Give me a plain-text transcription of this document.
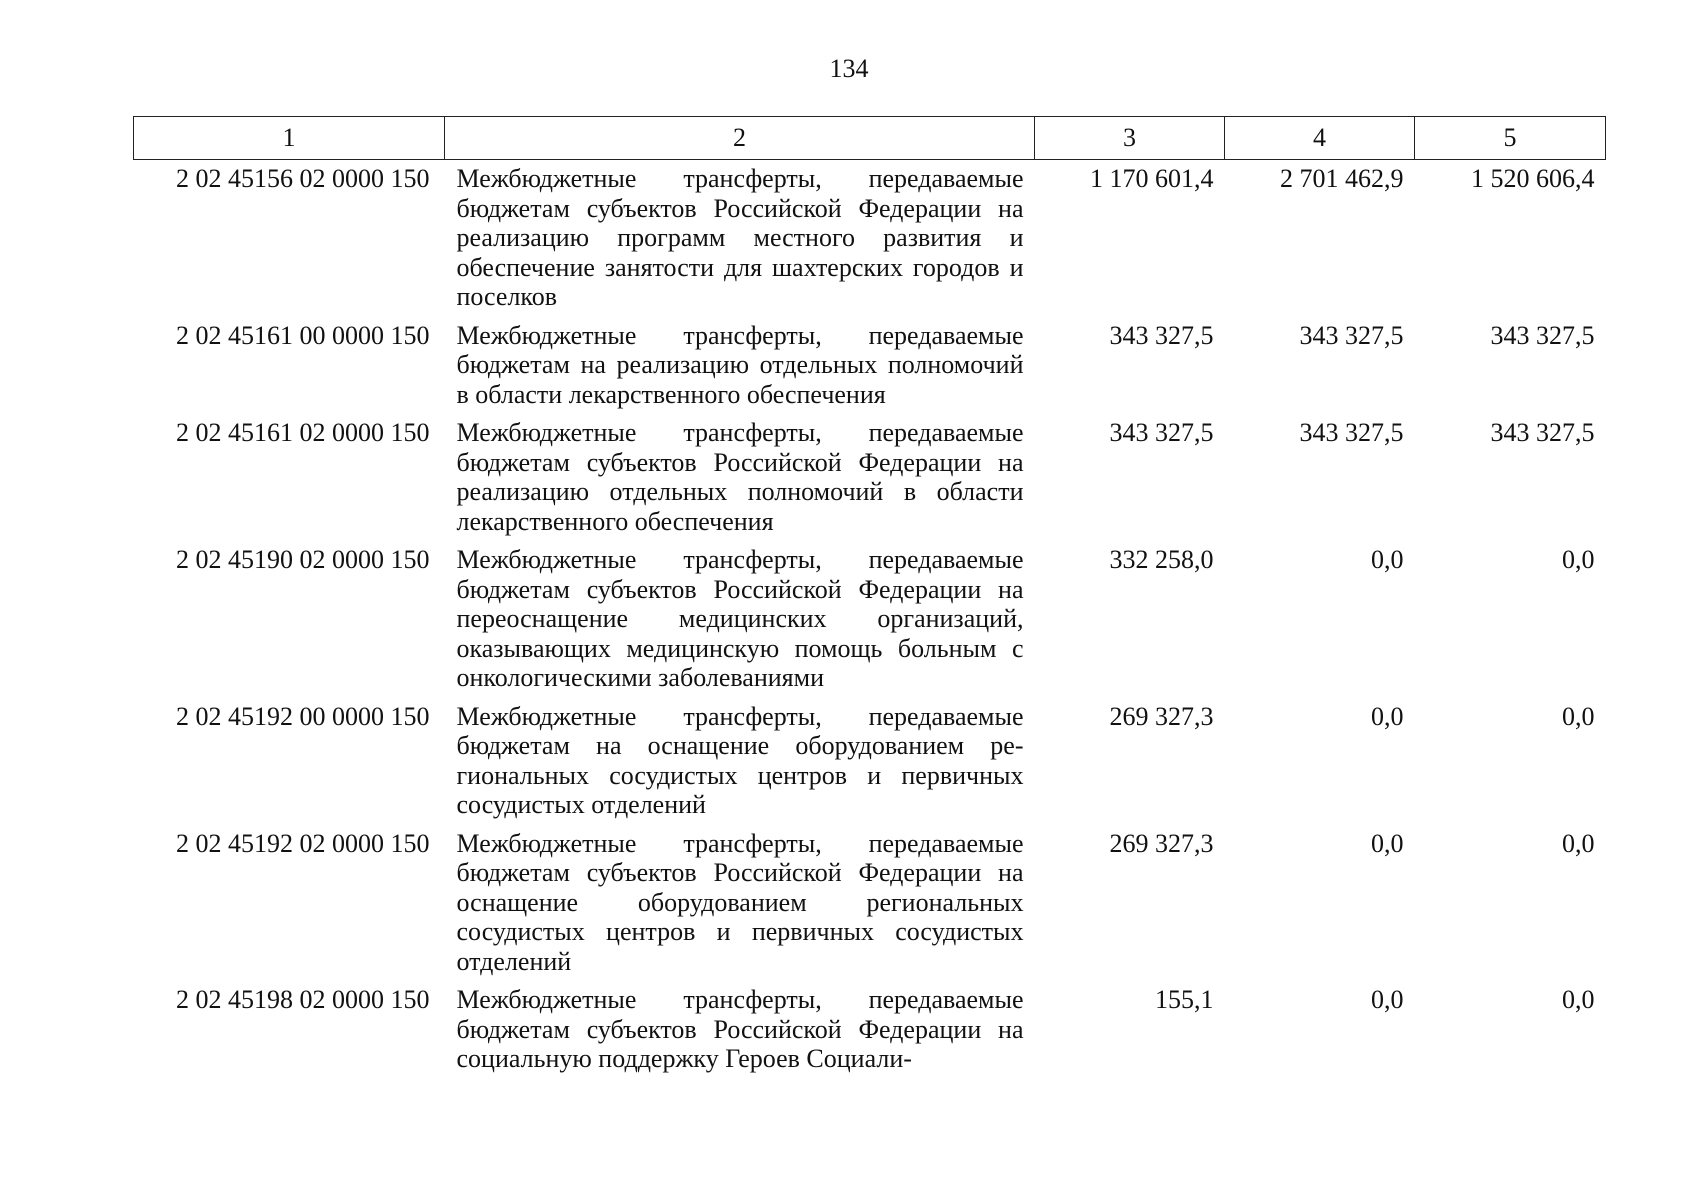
134
1	2	3	4	5
2 02 45156 02 0000 150	Межбюджетные трансферты, передаваемые бюджетам субъектов Российской Федерации на реализацию программ местного развития и обеспечение занятости для шахтерских городов и поселков	1 170 601,4	2 701 462,9	1 520 606,4
2 02 45161 00 0000 150	Межбюджетные трансферты, передаваемые бюджетам на реализацию отдельных полномочий в области лекарственного обеспечения	343 327,5	343 327,5	343 327,5
2 02 45161 02 0000 150	Межбюджетные трансферты, передаваемые бюджетам субъектов Российской Федерации на реализацию отдельных полномочий в области лекарственного обеспечения	343 327,5	343 327,5	343 327,5
2 02 45190 02 0000 150	Межбюджетные трансферты, передаваемые бюджетам субъектов Российской Федерации на переоснащение медицинских организаций, оказывающих медицинскую помощь больным с онкологическими заболеваниями	332 258,0	0,0	0,0
2 02 45192 00 0000 150	Межбюджетные трансферты, передаваемые бюджетам на оснащение оборудованием региональных сосудистых центров и первичных сосудистых отделений	269 327,3	0,0	0,0
2 02 45192 02 0000 150	Межбюджетные трансферты, передаваемые бюджетам субъектов Российской Федерации на оснащение оборудованием региональных сосудистых центров и первичных сосудистых отделений	269 327,3	0,0	0,0
2 02 45198 02 0000 150	Межбюджетные трансферты, передаваемые бюджетам субъектов Российской Федерации на социальную поддержку Героев Социали-	155,1	0,0	0,0
